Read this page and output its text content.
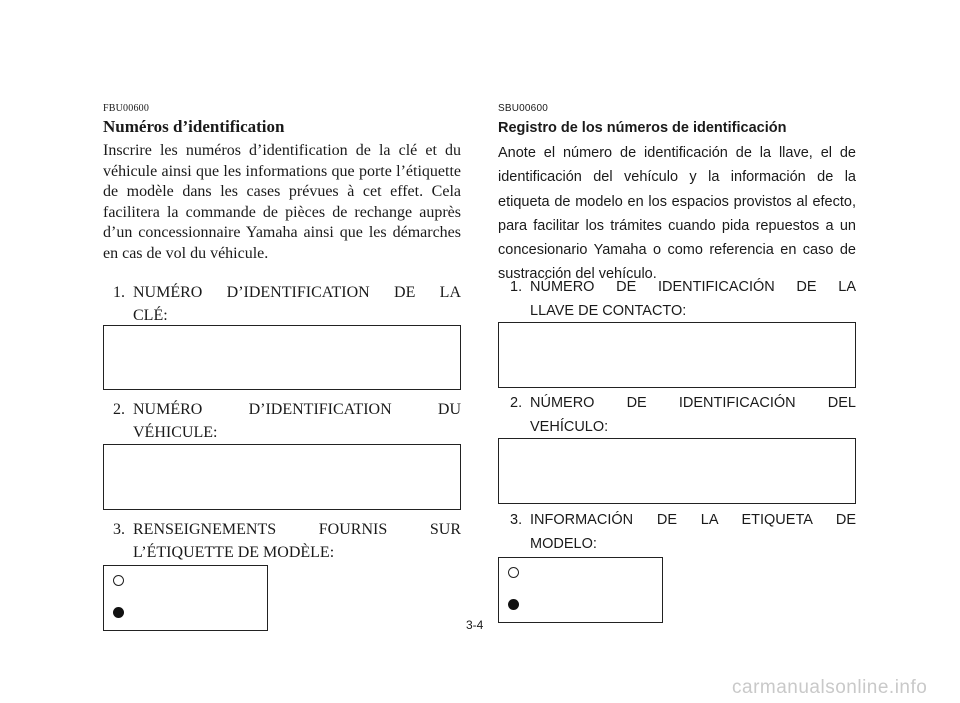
FBU00600
Numéros d’identification

Inscrire les numéros d’identification de la clé et du véhicule ainsi que les informations que porte l’étiquette de modèle dans les cases prévues à cet effet. Cela facilitera la commande de pièces de rechange auprès d’un concessionnaire Yamaha ainsi que les démarches en cas de vol du véhicule.

1. NUMÉRO D’IDENTIFICATION DE LA
CLÉ:
2. NUMÉRO D’IDENTIFICATION DU
VÉHICULE:
3. RENSEIGNEMENTS FOURNIS SUR
L’ÉTIQUETTE DE MODÈLE:
SBU00600
Registro de los números de identificación

Anote el número de identificación de la llave, el de identificación del vehículo y la información de la etiqueta de modelo en los espacios provistos al efecto, para facilitar los trámites cuando pida repuestos a un concesionario Yamaha o como referencia en caso de sustracción del vehículo.

1. NÚMERO DE IDENTIFICACIÓN DE LA
LLAVE DE CONTACTO:
2. NÚMERO DE IDENTIFICACIÓN DEL
VEHÍCULO:
3. INFORMACIÓN DE LA ETIQUETA DE
MODELO:
3-4
carmanualsonline.info
